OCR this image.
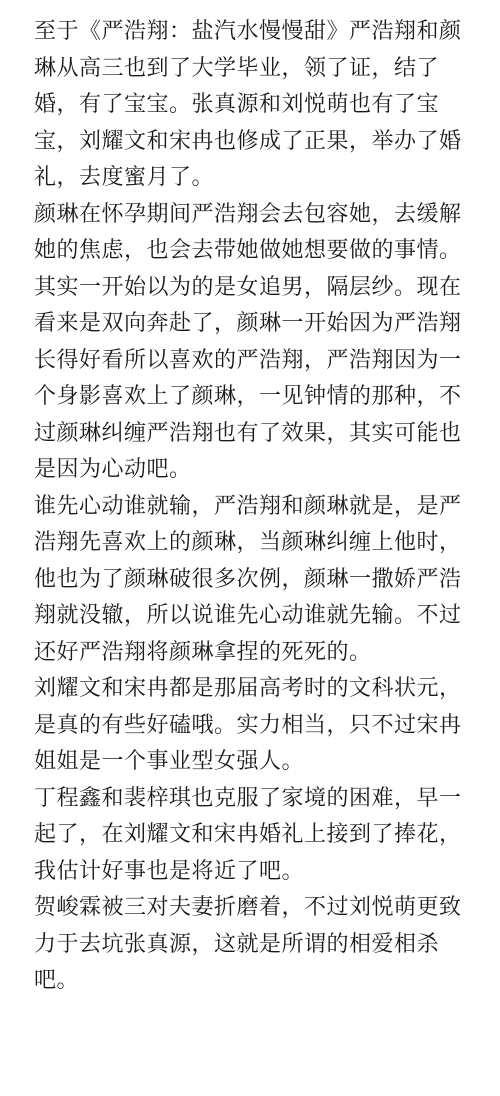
至于《严浩翔：盐汽水慢慢甜》严浩翔和颜琳从高三也到了大学毕业，领了证，结了婚，有了宝宝。张真源和刘悦萌也有了宝宝，刘耀文和宋冉也修成了正果，举办了婚礼，去度蜜月了。

颜琳在怀孕期间严浩翔会去包容她，去缓解她的焦虑，也会去带她做她想要做的事情。

其实一开始以为的是女追男，隔层纱。现在看来是双向奔赴了，颜琳一开始因为严浩翔长得好看所以喜欢的严浩翔，严浩翔因为一个身影喜欢上了颜琳，一见钟情的那种，不过颜琳纠缠严浩翔也有了效果，其实可能也是因为心动吧。

谁先心动谁就输，严浩翔和颜琳就是，是严浩翔先喜欢上的颜琳，当颜琳纠缠上他时，他也为了颜琳破很多次例，颜琳一撒娇严浩翔就没辙，所以说谁先心动谁就先输。不过还好严浩翔将颜琳拿捏的死死的。

刘耀文和宋冉都是那届高考时的文科状元，是真的有些好磕哦。实力相当，只不过宋冉姐姐是一个事业型女强人。

丁程鑫和裴梓琪也克服了家境的困难，早一起了，在刘耀文和宋冉婚礼上接到了捧花，我估计好事也是将近了吧。

贺峻霖被三对夫妻折磨着，不过刘悦萌更致力于去坑张真源，这就是所谓的相爱相杀吧。
